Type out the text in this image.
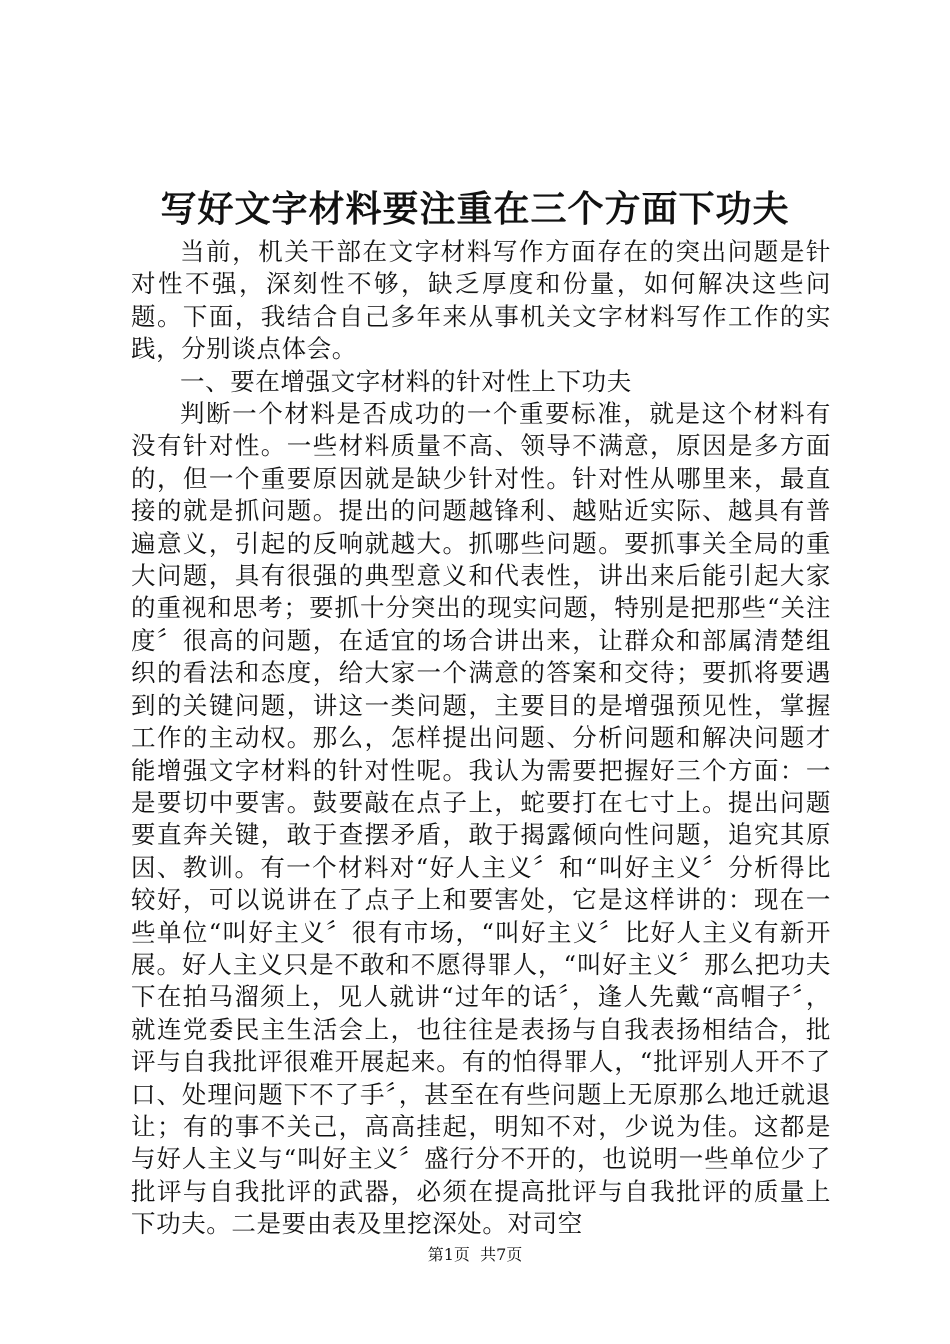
写好文字材料要注重在三个方面下功夫

当前，机关干部在文字材料写作方面存在的突出问题是针对性不强，深刻性不够，缺乏厚度和份量，如何解决这些问题。下面，我结合自己多年来从事机关文字材料写作工作的实践，分别谈点体会。

一、要在增强文字材料的针对性上下功夫

判断一个材料是否成功的一个重要标准，就是这个材料有没有针对性。一些材料质量不高、领导不满意，原因是多方面的，但一个重要原因就是缺少针对性。针对性从哪里来，最直接的就是抓问题。提出的问题越锋利、越贴近实际、越具有普遍意义，引起的反响就越大。抓哪些问题。要抓事关全局的重大问题，具有很强的典型意义和代表性，讲出来后能引起大家的重视和思考；要抓十分突出的现实问题，特别是把那些“关注度〞很高的问题，在适宜的场合讲出来，让群众和部属清楚组织的看法和态度，给大家一个满意的答案和交待；要抓将要遇到的关键问题，讲这一类问题，主要目的是增强预见性，掌握工作的主动权。那么，怎样提出问题、分析问题和解决问题才能增强文字材料的针对性呢。我认为需要把握好三个方面：一是要切中要害。鼓要敲在点子上，蛇要打在七寸上。提出问题要直奔关键，敢于查摆矛盾，敢于揭露倾向性问题，追究其原因、教训。有一个材料对“好人主义〞和“叫好主义〞分析得比较好，可以说讲在了点子上和要害处，它是这样讲的：现在一些单位“叫好主义〞很有市场，“叫好主义〞比好人主义有新开展。好人主义只是不敢和不愿得罪人，“叫好主义〞那么把功夫下在拍马溜须上，见人就讲“过年的话〞，逢人先戴“高帽子〞，就连党委民主生活会上，也往往是表扬与自我表扬相结合，批评与自我批评很难开展起来。有的怕得罪人，“批评别人开不了口、处理问题下不了手〞，甚至在有些问题上无原那么地迁就退让；有的事不关己，高高挂起，明知不对，少说为佳。这都是与好人主义与“叫好主义〞盛行分不开的，也说明一些单位少了批评与自我批评的武器，必须在提高批评与自我批评的质量上下功夫。二是要由表及里挖深处。对司空

第1页  共7页
